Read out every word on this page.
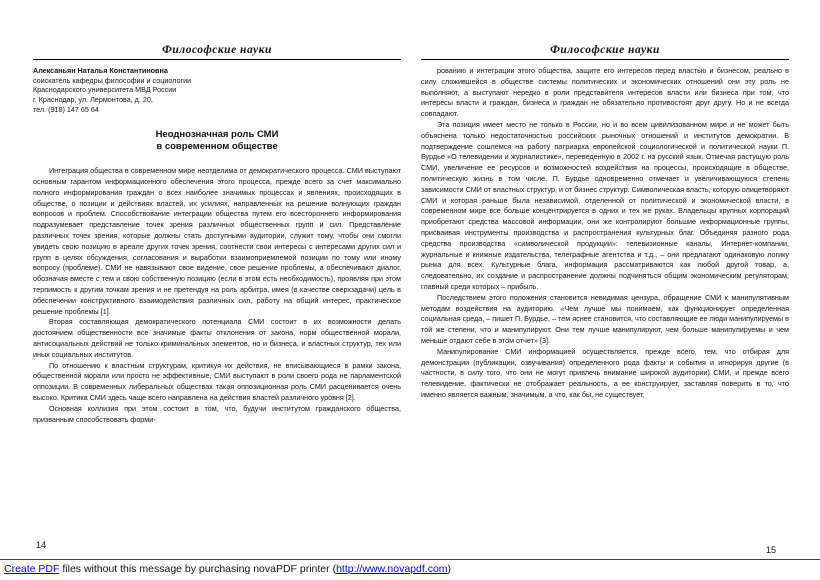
Философские науки
Алексаньян Наталья Константиновна
соискатель кафедры философии и социологии
Краснодарского университета МВД России
г. Краснодар, ул. Лермонтова, д. 20,
тел. (918) 147 65 64
Неоднозначная роль СМИ
в современном обществе

Интеграция общества в современном мире неотделима от демократического процесса. СМИ выступают основным гарантом информационного обеспечения этого процесса, прежде всего за счет максимально полного информирования граждан о всех наиболее значимых процессах и явлениях, происходящих в обществе, о позиции и действиях властей, их усилиях, направленных на решение волнующих граждан вопросов и проблем. Способствование интеграции общества путем его всестороннего информирования подразумевает представление точек зрения различных общественных групп и сил. Представление различных точек зрения, которые должны стать доступными аудитории, служит тому, чтобы они смогли увидеть свою позицию в ареале других точек зрения, соотнести свои интересы с интересами других сил и групп в целях обсуждения, согласования и выработки взаимоприемлемой позиции по тому или иному вопросу (проблеме). СМИ не навязывают свое видение, свое решение проблемы, а обеспечивают диалог, обозначая вместе с тем и свою собственную позицию (если в этом есть необходимость), проявляя при этом терпимость к другим точкам зрения и не претендуя на роль арбитра, имея (в качестве сверхзадачи) цель в обеспечении конструктивного взаимодействия различных сил, работу на общий интерес, практическое решение проблемы [1].

Вторая составляющая демократического потенциала СМИ состоит в их возможности делать достоянием общественности все значимые факты отклонения от закона, норм общественной морали, антисоциальных действий не только криминальных элементов, но и бизнеса, и властных структур, тех или иных социальных институтов.

По отношению к властным структурам, критикуя их действия, не вписывающиеся в рамки закона, общественной морали или просто не эффективные, СМИ выступают в роли своего рода не парламентской оппозиции. В современных либеральных обществах такая оппозиционная роль СМИ расценивается очень высоко. Критика СМИ здесь чаще всего направлена на действия властей различного уровня [2].

Основная коллизия при этом состоит в том, что, будучи институтом гражданского общества, призванным способствовать форми-

Философские науки

рованию и интеграции этого общества, защите его интересов перед властью и бизнесом, реально в силу сложившейся в обществе системы политических и экономических отношений они эту роль не выполняют, а выступают нередко в роли представителя интересов власти или бизнеса при том, что интересы власти и граждан, бизнеса и граждан не обязательно противостоят друг другу. Но и не всегда совпадают.

Эта позиция имеет место не только в России, но и во всем цивилизованном мире и не может быть объяснена только недостаточностью российских рыночных отношений и институтов демократии. В подтверждение сошлемся на работу патриарха европейской социологической и политической науки П. Бурдье «О телевидении и журналистике», переведенную в 2002 г. на русский язык. Отмечая растущую роль СМИ, увеличение ее ресурсов и возможностей воздействия на процессы, происходящие в обществе, политическую жизнь в том числе, П. Бурдье одновременно отмечает и увеличивающуюся степень зависимости СМИ от властных структур, и от бизнес структур. Символическая власть, которую олицетворяют СМИ и которая раньше была независимой, отделенной от политической и экономической власти, в современном мире все больше концентрируется в одних и тех же руках. Владельцы крупных корпораций приобретают средства массовой информации, они же контролируют большие информационные группы, присваивая инструменты производства и распространения культурных благ. Объединяя разного рода средства производства «символической продукции»: телевизионные каналы, Интернет-компании, журнальные и книжные издательства, телеграфные агентства и т.д., – они предлагают одинаковую логику рынка для всех. Культурные блага, информация рассматриваются как любой другой товар, а, следовательно, их создание и распространение должны подчиняться общим экономическим регуляторам, главный среди которых – прибыль.

Последствием этого положения становится невидимая цензура, обращение СМИ к манипулятивным методам воздействия на аудиторию. «Чем лучше мы понимаем, как функционирует определенная социальная среда, – пишет П. Бурдье, – тем яснее становится, что составляющие ее люди манипулируемы в той же степени, что и манипулируют. Они тем лучше манипулируют, чем больше манипулируемы и чем меньше отдают себе в этом отчет» [3].

Манипулирование СМИ информацией осуществляется, прежде всего, тем, что отбирая для демонстрации (публикации, озвучивания) определенного рода факты и события и игнорируя другие (в частности, в силу того, что они не могут привлечь внимание широкой аудитории) СМИ, и прежде всего телевидение, фактически не отображает реальность, а ее конструирует, заставляя поверить в то, что именно является важным, значимым, а что, как бы, не существует,

14	15
Create PDF files without this message by purchasing novaPDF printer (http://www.novapdf.com)
